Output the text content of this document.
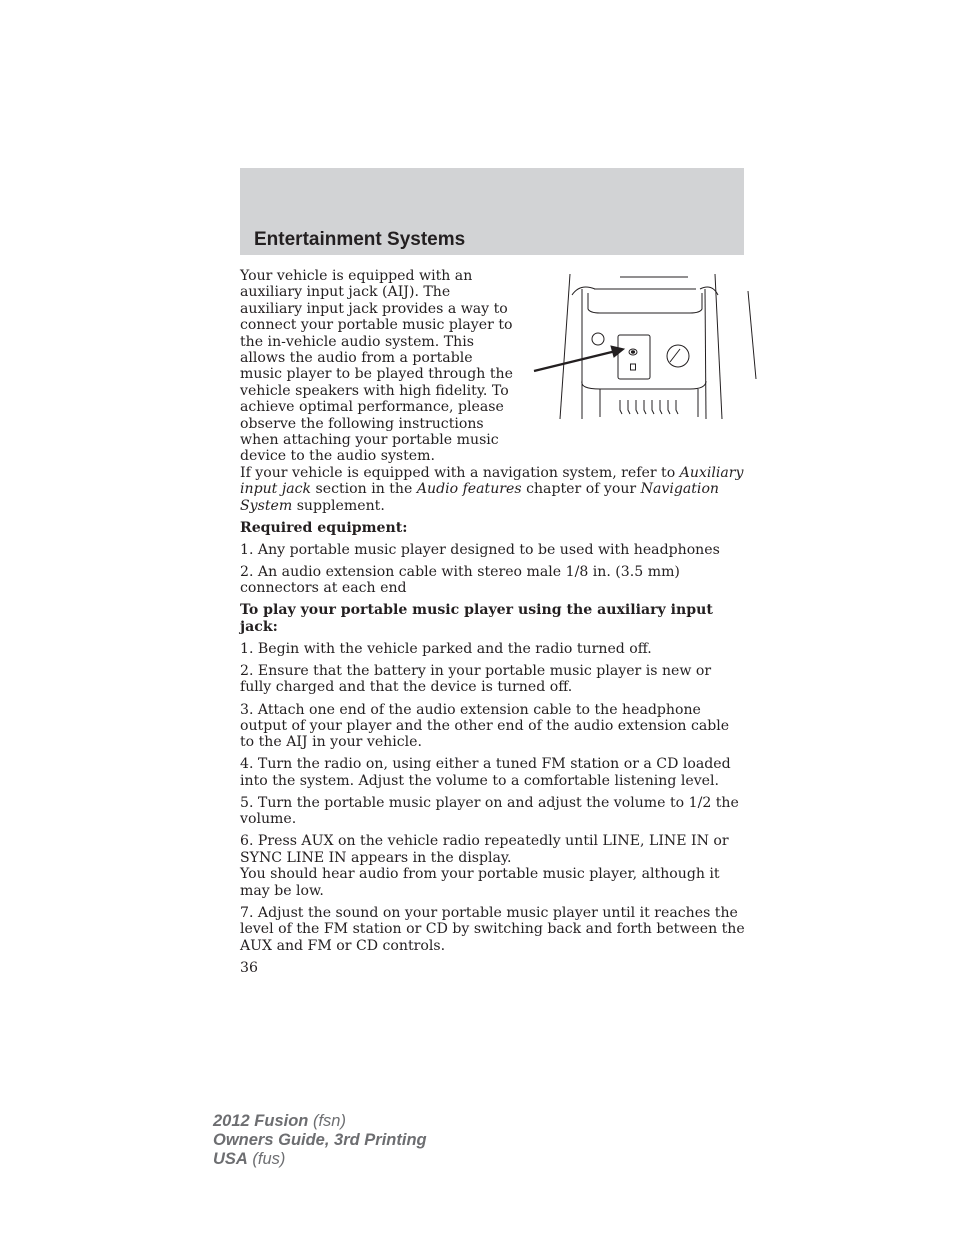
Entertainment Systems

Your vehicle is equipped with an auxiliary input jack (AIJ). The auxiliary input jack provides a way to connect your portable music player to the in-vehicle audio system. This allows the audio from a portable music player to be played through the vehicle speakers with high fidelity. To achieve optimal performance, please observe the following instructions when attaching your portable music device to the audio system.

If your vehicle is equipped with a navigation system, refer to Auxiliary input jack section in the Audio features chapter of your Navigation System supplement.

Required equipment:

1. Any portable music player designed to be used with headphones

2. An audio extension cable with stereo male 1/8 in. (3.5 mm) connectors at each end

To play your portable music player using the auxiliary input jack:

1. Begin with the vehicle parked and the radio turned off.

2. Ensure that the battery in your portable music player is new or fully charged and that the device is turned off.

3. Attach one end of the audio extension cable to the headphone output of your player and the other end of the audio extension cable to the AIJ in your vehicle.

4. Turn the radio on, using either a tuned FM station or a CD loaded into the system. Adjust the volume to a comfortable listening level.

5. Turn the portable music player on and adjust the volume to 1/2 the volume.

6. Press AUX on the vehicle radio repeatedly until LINE, LINE IN or SYNC LINE IN appears in the display.

You should hear audio from your portable music player, although it may be low.

7. Adjust the sound on your portable music player until it reaches the level of the FM station or CD by switching back and forth between the AUX and FM or CD controls.

36
2012 Fusion (fsn)
Owners Guide, 3rd Printing
USA (fus)
